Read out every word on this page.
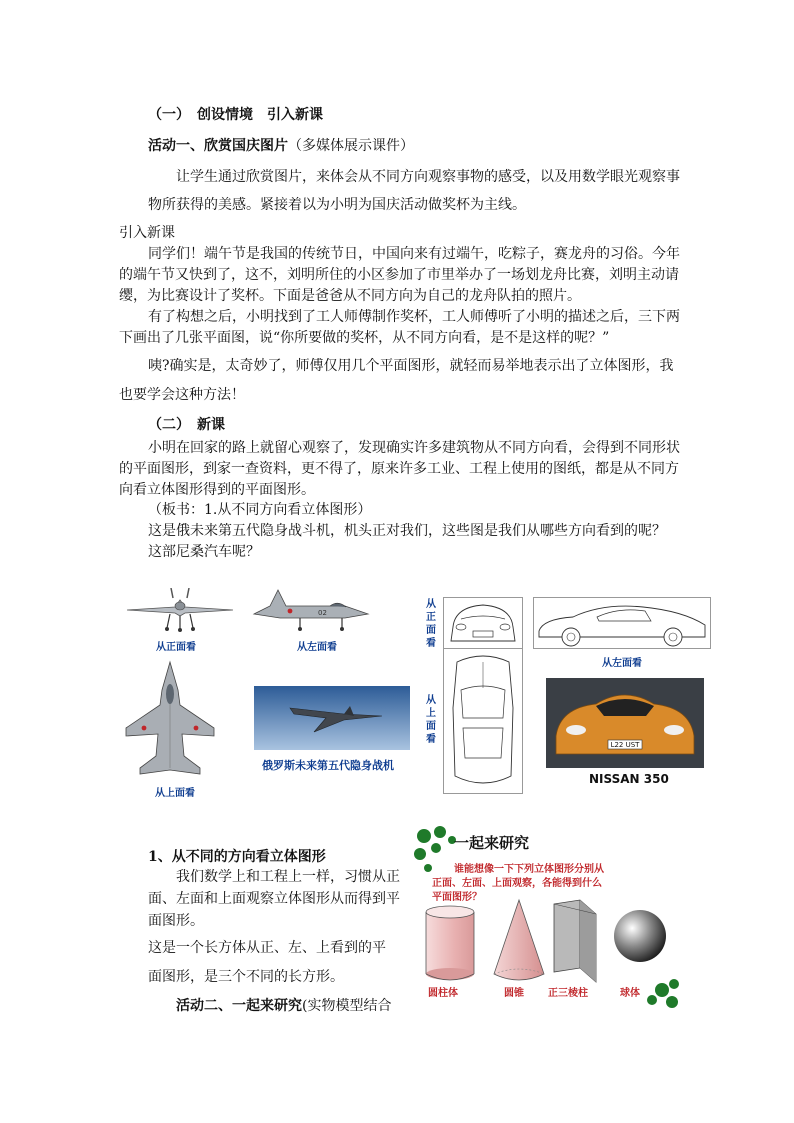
（一）　创设情境　引入新课

活动一、欣赏国庆图片（多媒体展示课件）

让学生通过欣赏图片，来体会从不同方向观察事物的感受，以及用数学眼光观察事

物所获得的美感。紧接着以为小明为国庆活动做奖杯为主线。

引入新课

同学们！端午节是我国的传统节日，中国向来有过端午，吃粽子，赛龙舟的习俗。今年

的端午节又快到了，这不，刘明所住的小区参加了市里举办了一场划龙舟比赛，刘明主动请

缨，为比赛设计了奖杯。下面是爸爸从不同方向为自己的龙舟队拍的照片。

有了构想之后，小明找到了工人师傅制作奖杯，工人师傅听了小明的描述之后，三下两

下画出了几张平面图，说“你所要做的奖杯，从不同方向看，是不是这样的呢？”

咦?确实是，太奇妙了，师傅仅用几个平面图形，就轻而易举地表示出了立体图形，我

也要学会这种方法！

（二）　新课

小明在回家的路上就留心观察了，发现确实许多建筑物从不同方向看，会得到不同形状

的平面图形，到家一查资料，更不得了，原来许多工业、工程上使用的图纸，都是从不同方

向看立体图形得到的平面图形。

（板书：1.从不同方向看立体图形）

这是俄未来第五代隐身战斗机，机头正对我们，这些图是我们从哪些方向看到的呢？

这部尼桑汽车呢？

从正面看
02
从左面看
从上面看
俄罗斯未来第五代隐身战机
从正面看
从左面看
从上面看	L22 UST
NISSAN 350

1、从不同的方向看立体图形

我们数学上和工程上一样，习惯从正

面、左面和上面观察立体图形从而得到平

面图形。

这是一个长方体从正、左、上看到的平

面图形，是三个不同的长方形。

活动二、一起来研究(实物模型结合

一起来研究

谁能想像一下下列立体图形分别从

正面、左面、上面观察，各能得到什么

平面图形？

圆柱体	圆锥 正三棱柱	球体
